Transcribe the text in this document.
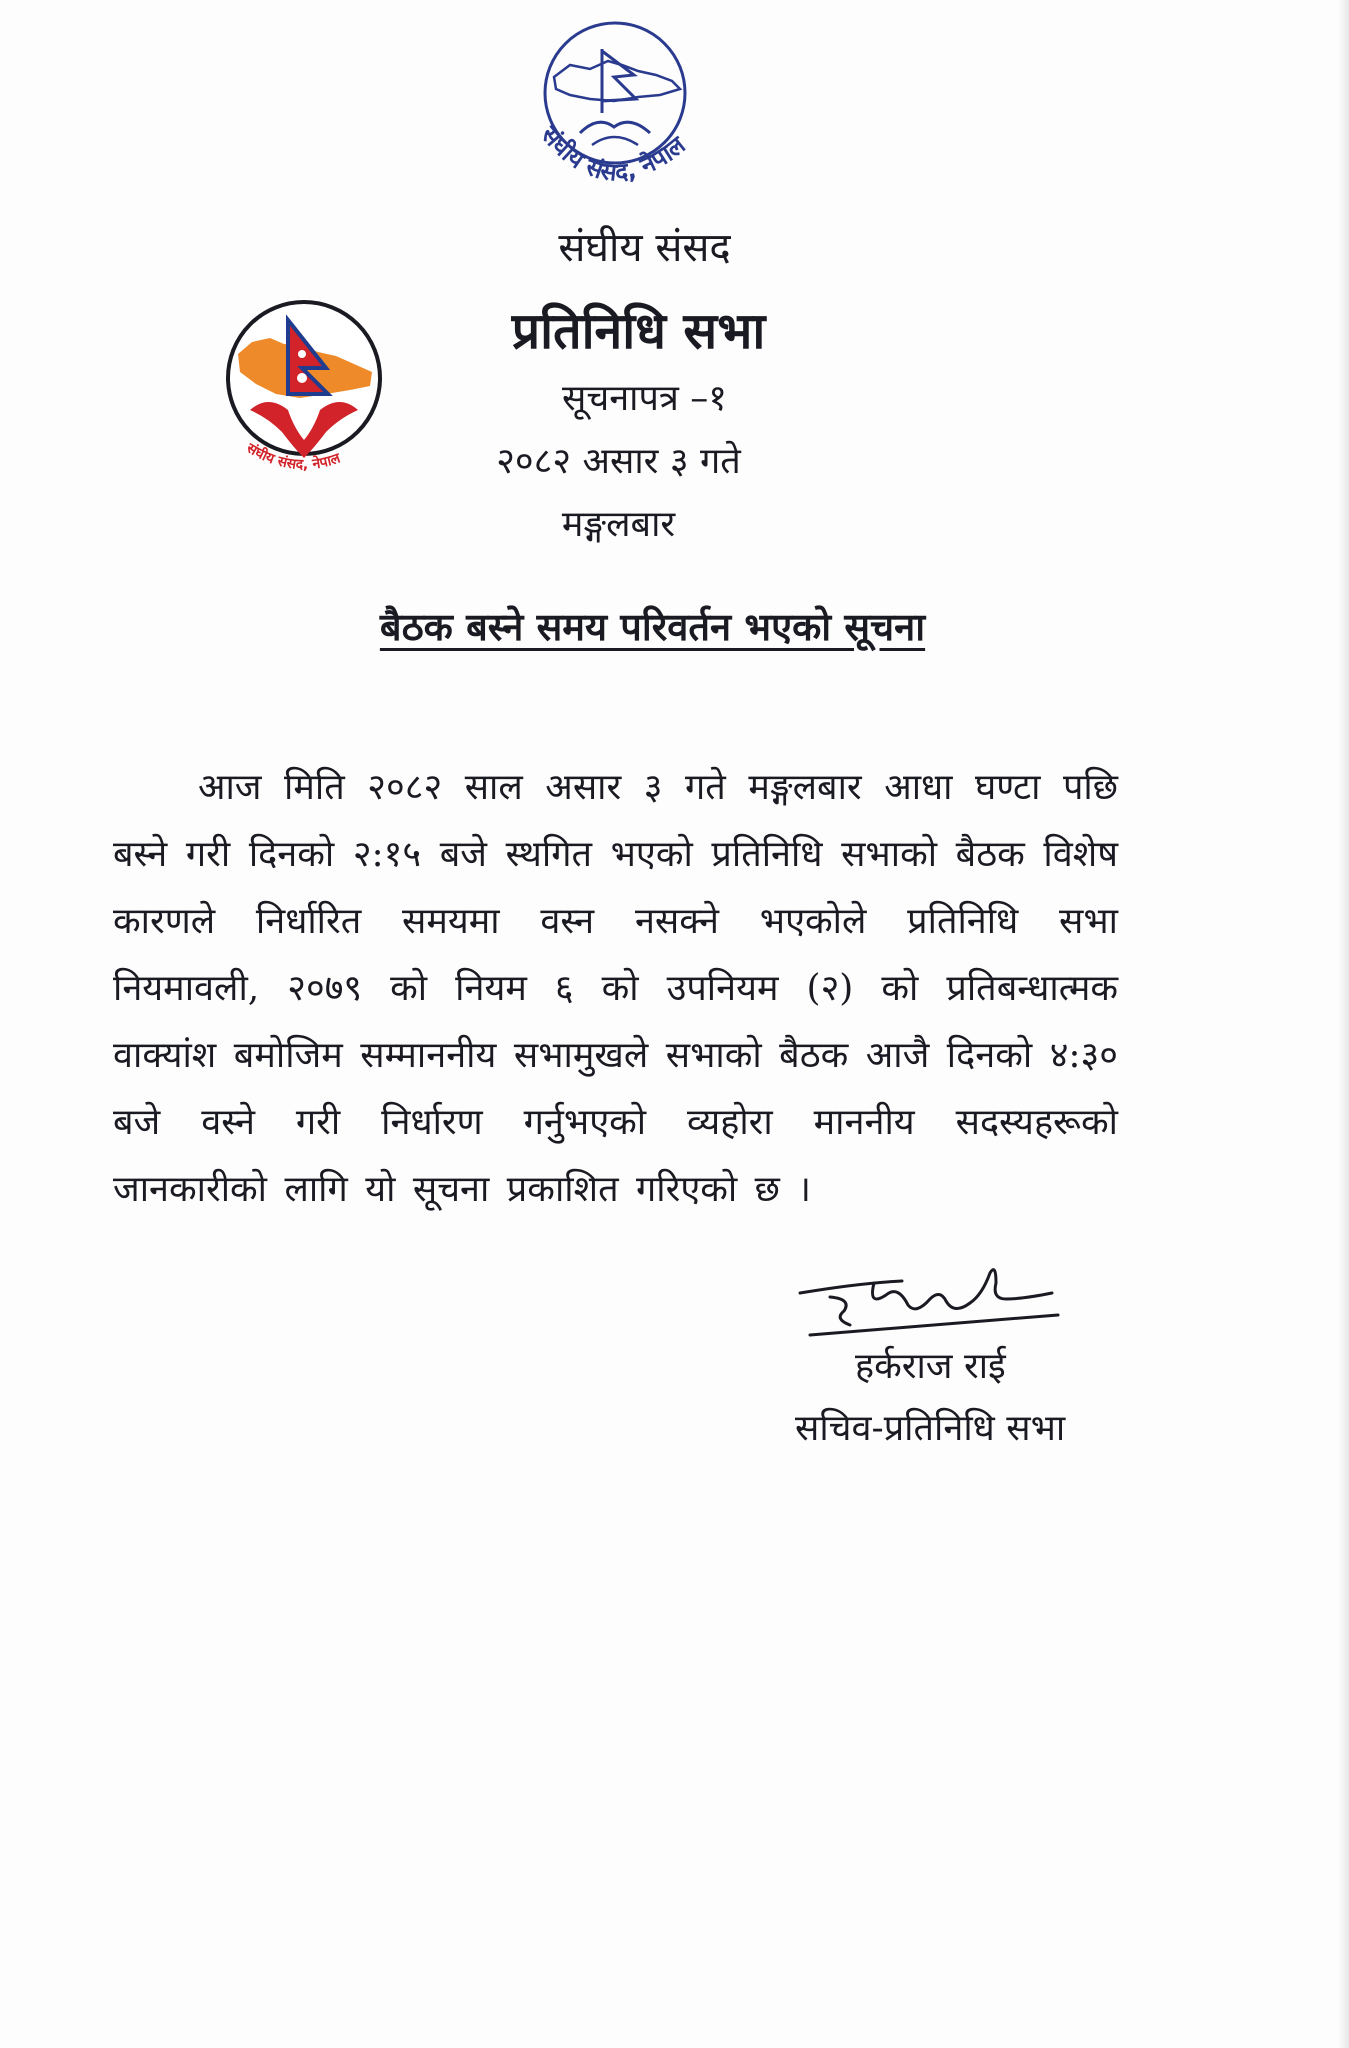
संघीय संसद, नेपाल
संघीय संसद, नेपाल
संघीय संसद
प्रतिनिधि सभा
सूचनापत्र –१
२०८२ असार ३ गते
मङ्गलबार
बैठक बस्ने समय परिवर्तन भएको सूचना

आज मिति २०८२ साल असार ३ गते मङ्गलबार आधा घण्टा पछि बस्ने गरी दिनको २:१५ बजे स्थगित भएको प्रतिनिधि सभाको बैठक विशेष कारणले निर्धारित समयमा वस्न नसक्ने भएकोले प्रतिनिधि सभा नियमावली, २०७९ को नियम ६ को उपनियम (२) को प्रतिबन्धात्मक वाक्यांश बमोजिम सम्माननीय सभामुखले सभाको बैठक आजै दिनको ४:३० बजे वस्ने गरी निर्धारण गर्नुभएको व्यहोरा माननीय सदस्यहरूको जानकारीको लागि यो सूचना प्रकाशित गरिएको छ ।

हर्कराज राई
सचिव-प्रतिनिधि सभा
